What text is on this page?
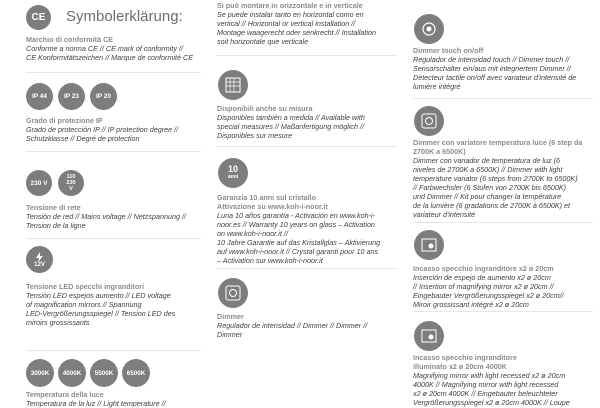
CE Symbolerklärung:
Marchio di conformità CE
Conforme a norma CE // CE mark of conformity //
CE Konformitätszeichen // Marque de conformité CE
IP 44	IP 23	IP 20
Grado di protezione IP
Grado de protección IP // IP protection degree //
Schutzklasse // Degré de protection
230 V
110
230
V
Tensione di rete
Tensión de red // Mains voltage // Netzspannung //
Tension de la ligne
12V
Tensione LED specchi ingranditori
Tensión LED espejos aumento // LED voltage
of magnification mirrors // Spannung
LED-Vergrößerungsspiegel // Tension LED des
miroirs grossissants
3000K 4000K 5500K 6500K
Temperatura della luce
Temperatura de la luz // Light temperature //
Si può montare in orizzontale e in verticale
Se puede instalar tanto en horizontal como en
vertical // Horizontal or vertical installation //
Montage waagerecht oder senkrecht // Installation
soit horizontale que verticale
Disponibili anche su misura
Disponibles también a medida // Available with
special measures // Maßanfertigung möglich //
Disponibles sur mesure
10
anni
Garanzia 10 anni sul cristallo
Attivazione su www.koh-i-noor.it
Luna 10 años garantía - Activación en www.koh-i-
noor.es // Warranty 10 years on glass – Activation
on www.koh-i-noor.it //
10 Jahre Garantie auf das Kristallglas – Aktivierung
auf www.koh-i-noor.it // Crystal garanti pour 10 ans
– Activation sur www.koh-i-noor.it
Dimmer
Regulador de intensidad // Dimmer // Dimmer //
Dimmer
Dimmer touch on/off
Regulador de intensidad touch // Dimmer touch //
Sensorschalter ein/aus mit integriertem Dimmer //
Détecteur tactile on/off avec variateur d'intensité de
lumière intégré
Dimmer con variatore temperatura luce (6 step da
2700K a 6500K)
Dimmer con variador de temperatura de luz (6
niveles de 2700K a 6500K) // Dimmer with light
temperature variator (6 steps from 2700K to 6500K)
// Farbwechsler (6 Stufen von 2700K bis 6500K)
und Dimmer // Kit pour changer la température
de la lumière (6 gradations de 2700K à 6500K) et
variateur d'intensité
Incasso specchio ingranditore x2 ø 20cm
Inserción de espejo de aumento x2 ø 20cm
// Insertion of magnifying mirror x2 ø 20cm //
Eingebauter Vergrößerungsspiegel x2 ø 20cm//
Miroir grossissant intégré x2 ø 20cm
Incasso specchio ingranditore
illuminato x2 ø 20cm 4000K
Magnifying mirror with light recessed x2 ø 20cm
4000K // Magnifying mirror with light recessed
x2 ø 20cm 4000K // Eingebauter beleuchteter
Vergrößerungsspiegel x2 ø 20cm 4000K // Loupe
